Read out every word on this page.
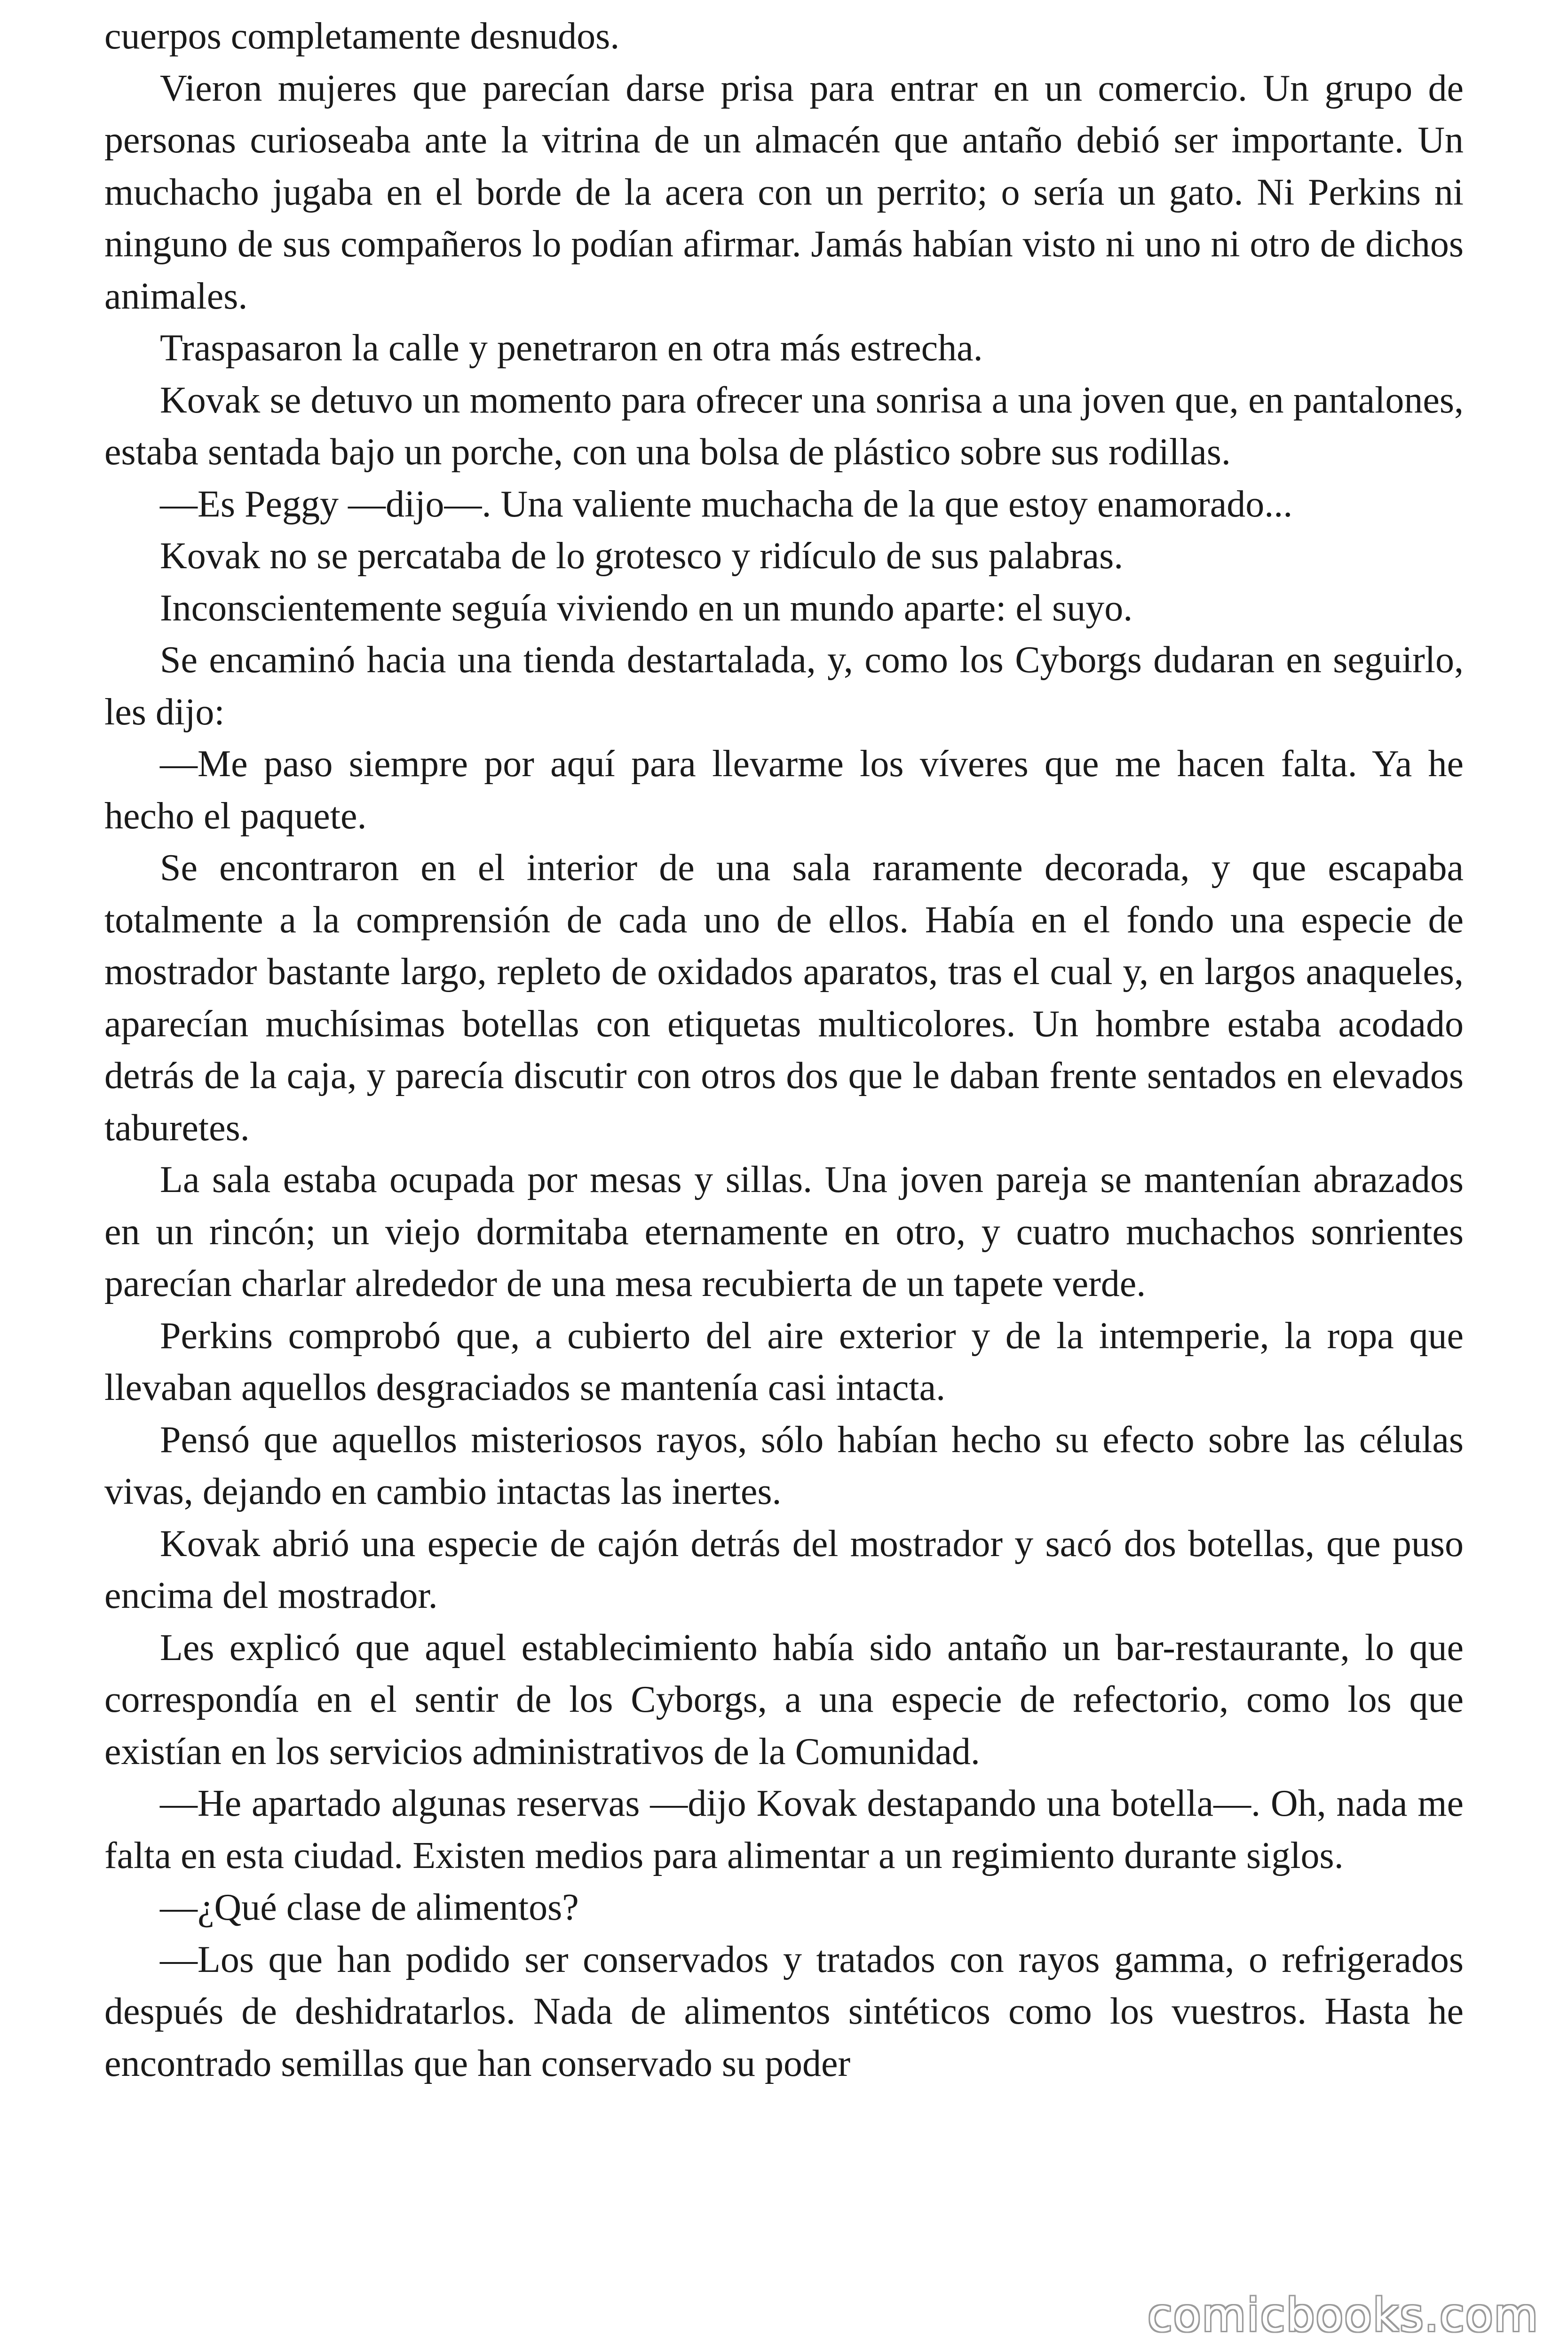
cuerpos completamente desnudos.

Vieron mujeres que parecían darse prisa para entrar en un comercio. Un grupo de personas curioseaba ante la vitrina de un almacén que antaño debió ser importante. Un muchacho jugaba en el borde de la acera con un perrito; o sería un gato. Ni Perkins ni ninguno de sus compañeros lo podían afirmar. Jamás habían visto ni uno ni otro de dichos animales.

Traspasaron la calle y penetraron en otra más estrecha.

Kovak se detuvo un momento para ofrecer una sonrisa a una joven que, en pantalones, estaba sentada bajo un porche, con una bolsa de plástico sobre sus rodillas.

—Es Peggy —dijo—. Una valiente muchacha de la que estoy enamorado...

Kovak no se percataba de lo grotesco y ridículo de sus palabras.

Inconscientemente seguía viviendo en un mundo aparte: el suyo.

Se encaminó hacia una tienda destartalada, y, como los Cyborgs dudaran en seguirlo, les dijo:

—Me paso siempre por aquí para llevarme los víveres que me hacen falta. Ya he hecho el paquete.

Se encontraron en el interior de una sala raramente decorada, y que escapaba totalmente a la comprensión de cada uno de ellos. Había en el fondo una especie de mostrador bastante largo, repleto de oxidados aparatos, tras el cual y, en largos anaqueles, aparecían muchísimas botellas con etiquetas multicolores. Un hombre estaba acodado detrás de la caja, y parecía discutir con otros dos que le daban frente sentados en elevados taburetes.

La sala estaba ocupada por mesas y sillas. Una joven pareja se mantenían abrazados en un rincón; un viejo dormitaba eternamente en otro, y cuatro muchachos sonrientes parecían charlar alrededor de una mesa recubierta de un tapete verde.

Perkins comprobó que, a cubierto del aire exterior y de la intemperie, la ropa que llevaban aquellos desgraciados se mantenía casi intacta.

Pensó que aquellos misteriosos rayos, sólo habían hecho su efecto sobre las células vivas, dejando en cambio intactas las inertes.

Kovak abrió una especie de cajón detrás del mostrador y sacó dos botellas, que puso encima del mostrador.

Les explicó que aquel establecimiento había sido antaño un bar-restaurante, lo que correspondía en el sentir de los Cyborgs, a una especie de refectorio, como los que existían en los servicios administrativos de la Comunidad.

—He apartado algunas reservas —dijo Kovak destapando una botella—. Oh, nada me falta en esta ciudad. Existen medios para alimentar a un regimiento durante siglos.

—¿Qué clase de alimentos?

—Los que han podido ser conservados y tratados con rayos gamma, o refrigerados después de deshidratarlos. Nada de alimentos sintéticos como los vuestros. Hasta he encontrado semillas que han conservado su poder

comicbooks.com
